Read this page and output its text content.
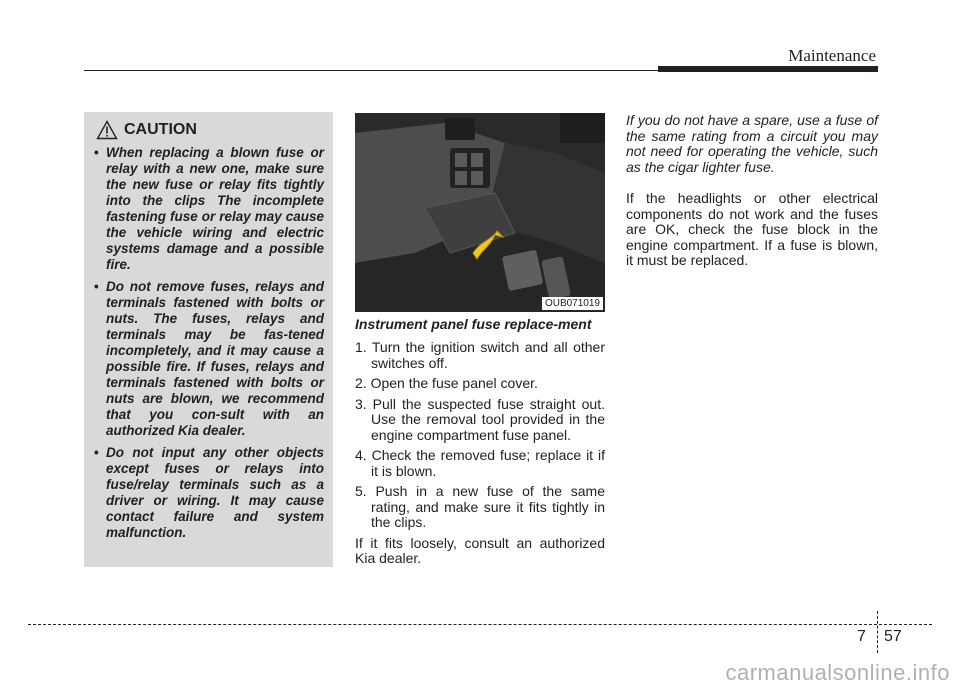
Maintenance
CAUTION
• When replacing a blown fuse or relay with a new one, make sure the new fuse or relay fits tightly into the clips The incomplete fastening fuse or relay may cause the vehicle wiring and electric systems damage and a possible fire.
• Do not remove fuses, relays and terminals fastened with bolts or nuts. The fuses, relays and terminals may be fas-tened incompletely, and it may cause a possible fire. If fuses, relays and terminals fastened with bolts or nuts are blown, we recommend that you con-sult with an authorized Kia dealer.
• Do not input any other objects except fuses or relays into fuse/relay terminals such as a driver or wiring. It may cause contact failure and system malfunction.
OUB071019
Instrument panel fuse replace-ment
1. Turn the ignition switch and all other switches off.
2. Open the fuse panel cover.
3. Pull the suspected fuse straight out. Use the removal tool provided in the engine compartment fuse panel.
4. Check the removed fuse; replace it if it is blown.
5. Push in a new fuse of the same rating, and make sure it fits tightly in the clips.

If it fits loosely, consult an authorized Kia dealer.

If you do not have a spare, use a fuse of the same rating from a circuit you may not need for operating the vehicle, such as the cigar lighter fuse.

If the headlights or other electrical components do not work and the fuses are OK, check the fuse block in the engine compartment. If a fuse is blown, it must be replaced.

7 57
carmanualsonline.info
